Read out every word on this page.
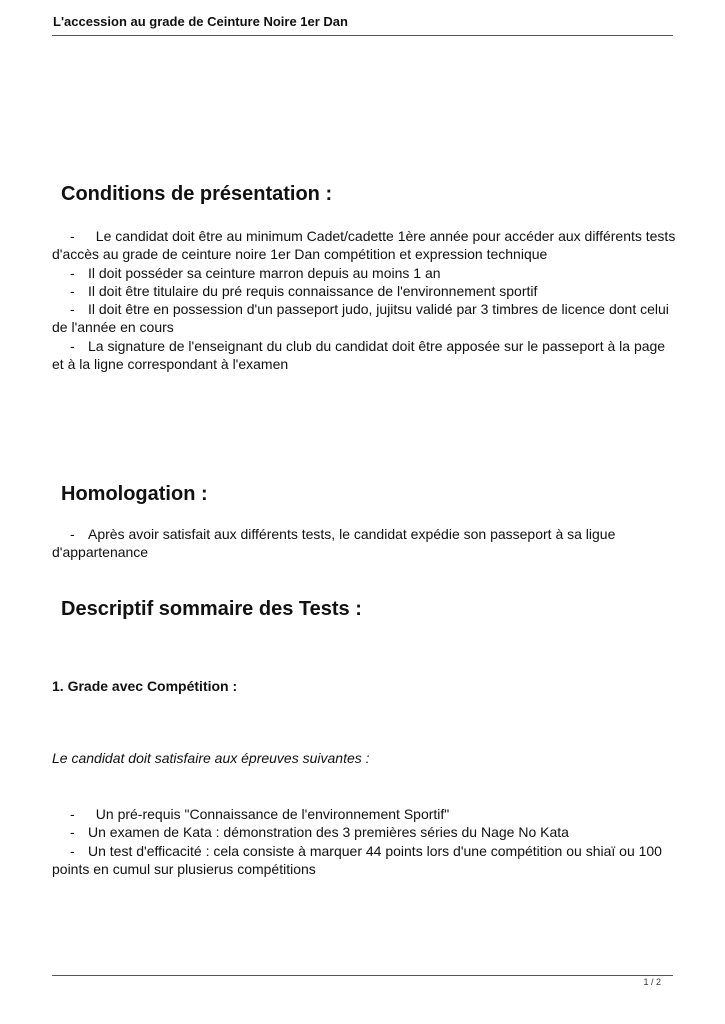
L'accession au grade de Ceinture Noire 1er Dan
Conditions de présentation :

- Le candidat doit être au minimum Cadet/cadette 1ère année pour accéder aux différents tests d'accès au grade de ceinture noire 1er Dan compétition et expression technique

- Il doit posséder sa ceinture marron depuis au moins 1 an

- Il doit être titulaire du pré requis connaissance de l'environnement sportif

- Il doit être en possession d'un passeport judo, jujitsu validé par 3 timbres de licence dont celui de l'année en cours

- La signature de l'enseignant du club du candidat doit être apposée sur le passeport à la page et à la ligne correspondant à l'examen

Homologation :

- Après avoir satisfait aux différents tests, le candidat expédie son passeport à sa ligue d'appartenance

Descriptif sommaire des Tests :
1. Grade avec Compétition :
Le candidat doit satisfaire aux épreuves suivantes :

- Un pré-requis "Connaissance de l'environnement Sportif"

- Un examen de Kata : démonstration des 3 premières séries du Nage No Kata

- Un test d'efficacité : cela consiste à marquer 44 points lors d'une compétition ou shiaï ou 100 points en cumul sur plusierus compétitions

1 / 2
